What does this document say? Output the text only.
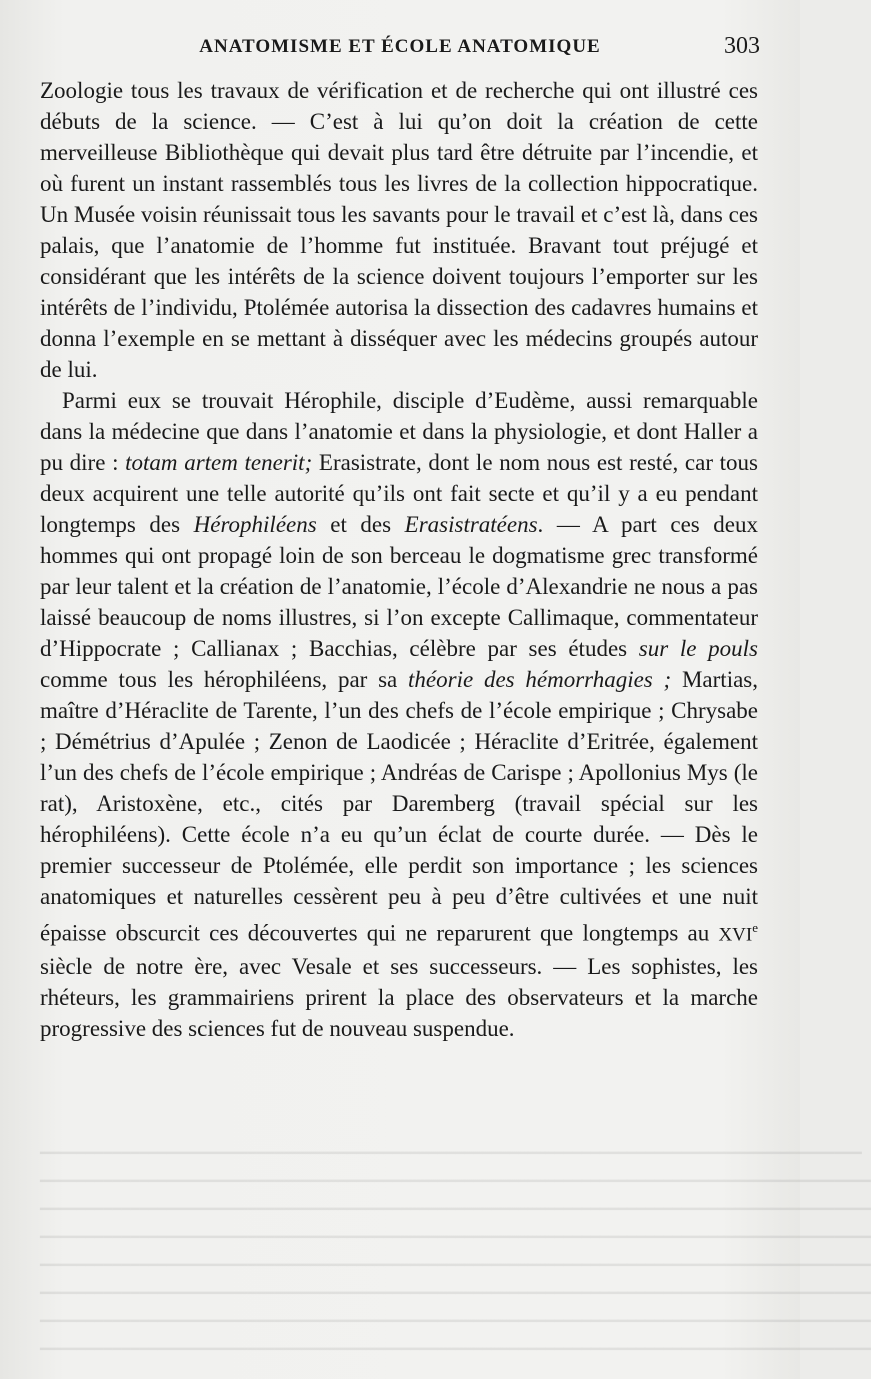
ANATOMISME ET ÉCOLE ANATOMIQUE	303

Zoologie tous les travaux de vérification et de recherche qui ont illustré ces débuts de la science. — C’est à lui qu’on doit la création de cette merveilleuse Bibliothèque qui devait plus tard être détruite par l’incendie, et où furent un instant rassemblés tous les livres de la collection hippocratique. Un Musée voisin réunissait tous les savants pour le travail et c’est là, dans ces palais, que l’anatomie de l’homme fut instituée. Bravant tout préjugé et considérant que les intérêts de la science doivent toujours l’emporter sur les intérêts de l’individu, Ptolémée autorisa la dissection des cadavres humains et donna l’exemple en se mettant à disséquer avec les médecins groupés autour de lui.

Parmi eux se trouvait Hérophile, disciple d’Eudème, aussi remarquable dans la médecine que dans l’anatomie et dans la physiologie, et dont Haller a pu dire : totam artem tenerit; Erasistrate, dont le nom nous est resté, car tous deux acquirent une telle autorité qu’ils ont fait secte et qu’il y a eu pendant longtemps des Hérophiléens et des Erasistratéens. — A part ces deux hommes qui ont propagé loin de son berceau le dogmatisme grec transformé par leur talent et la création de l’anatomie, l’école d’Alexandrie ne nous a pas laissé beaucoup de noms illustres, si l’on excepte Callimaque, commentateur d’Hippocrate ; Callianax ; Bacchias, célèbre par ses études sur le pouls comme tous les hérophiléens, par sa théorie des hémorrhagies ; Martias, maître d’Héraclite de Tarente, l’un des chefs de l’école empirique ; Chrysabe ; Démétrius d’Apulée ; Zenon de Laodicée ; Héraclite d’Eritrée, également l’un des chefs de l’école empirique ; Andréas de Carispe ; Apollonius Mys (le rat), Aristoxène, etc., cités par Daremberg (travail spécial sur les hérophiléens). Cette école n’a eu qu’un éclat de courte durée. — Dès le premier successeur de Ptolémée, elle perdit son importance ; les sciences anatomiques et naturelles cessèrent peu à peu d’être cultivées et une nuit épaisse obscurcit ces découvertes qui ne reparurent que longtemps au XVIe siècle de notre ère, avec Vesale et ses successeurs. — Les sophistes, les rhéteurs, les grammairiens prirent la place des observateurs et la marche progressive des sciences fut de nouveau suspendue.

━━━━━━━━━━━━━━━━━━━━━━━━━━━━━━━━━━━━━━━━━━━━━━━━━━━━━━━━━━━━━━━━━━━━━━━━━━━━━━━━━━━━━━━━━━━
━━━━━━━━━━━━━━━━━━━━━━━━━━━━━━━━━━━━━━━━━━━━━━━━━━━━━━━━━━━━━━━━━━━━━━━━━━━━━━━━━━━━━━━━━━━━
━━━━━━━━━━━━━━━━━━━━━━━━━━━━━━━━━━━━━━━━━━━━━━━━━━━━━━━━━━━━━━━━━━━━━━━━━━━━━━━━━━━━━━━━━━━━
━━━━━━━━━━━━━━━━━━━━━━━━━━━━━━━━━━━━━━━━━━━━━━━━━━━━━━━━━━━━━━━━━━━━━━━━━━━━━━━━━━━━━━━━━━━━
━━━━━━━━━━━━━━━━━━━━━━━━━━━━━━━━━━━━━━━━━━━━━━━━━━━━━━━━━━━━━━━━━━━━━━━━━━━━━━━━━━━━━━━━━━━━
━━━━━━━━━━━━━━━━━━━━━━━━━━━━━━━━━━━━━━━━━━━━━━━━━━━━━━━━━━━━━━━━━━━━━━━━━━━━━━━━━━━━━━━━━━━━
━━━━━━━━━━━━━━━━━━━━━━━━━━━━━━━━━━━━━━━━━━━━━━━━━━━━━━━━━━━━━━━━━━━━━━━━━━━━━━━━━━━━━━━━━━━━
━━━━━━━━━━━━━━━━━━━━━━━━━━━━━━━━━━━━━━━━━━━━━━━━━━━━━━━━━━━━━━━━━━━━━━━━━━━━━━━━━━━━━━━━━━━━
